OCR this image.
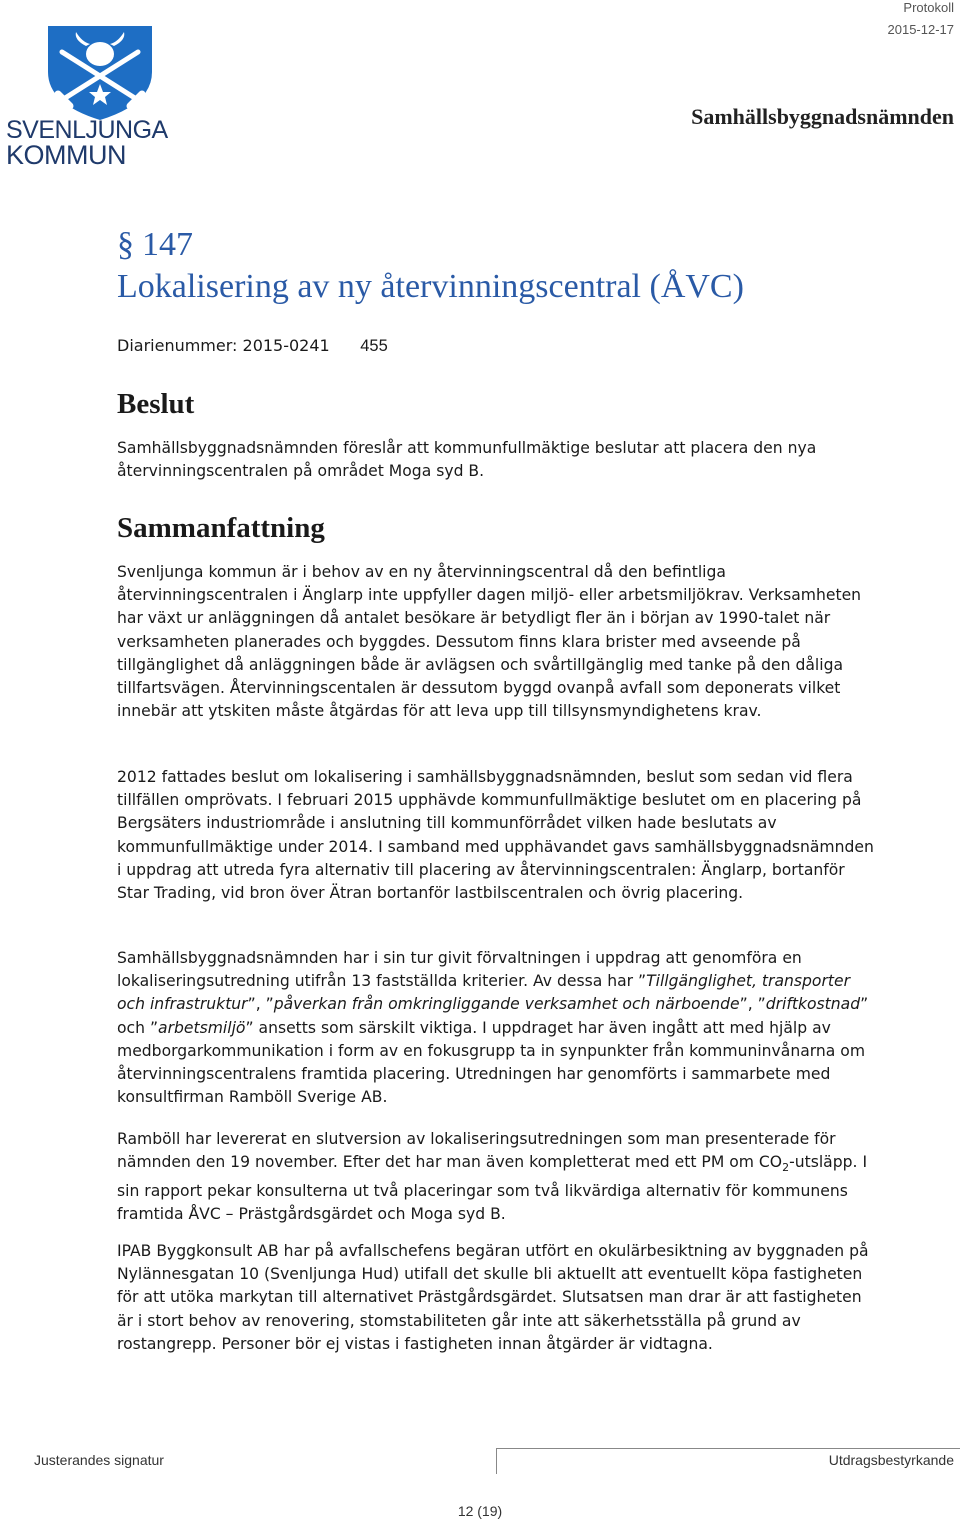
SVENLJUNGA
KOMMUN
Protokoll
2015-12-17
Samhällsbyggnadsnämnden
§ 147
Lokalisering av ny återvinningscentral (ÅVC)
Diarienummer: 2015-0241 455
Beslut

Samhällsbyggnadsnämnden föreslår att kommunfullmäktige beslutar att placera den nya återvinningscentralen på området Moga syd B.

Sammanfattning

Svenljunga kommun är i behov av en ny återvinningscentral då den befintliga återvinningscentralen i Änglarp inte uppfyller dagen miljö- eller arbetsmiljökrav. Verksamheten har växt ur anläggningen då antalet besökare är betydligt fler än i början av 1990-talet när verksamheten planerades och byggdes. Dessutom finns klara brister med avseende på tillgänglighet då anläggningen både är avlägsen och svårtillgänglig med tanke på den dåliga tillfartsvägen. Återvinningscentalen är dessutom byggd ovanpå avfall som deponerats vilket innebär att ytskiten måste åtgärdas för att leva upp till tillsynsmyndighetens krav.

2012 fattades beslut om lokalisering i samhällsbyggnadsnämnden, beslut som sedan vid flera tillfällen omprövats. I februari 2015 upphävde kommunfullmäktige beslutet om en placering på Bergsäters industriområde i anslutning till kommunförrådet vilken hade beslutats av kommunfullmäktige under 2014. I samband med upphävandet gavs samhällsbyggnadsnämnden i uppdrag att utreda fyra alternativ till placering av återvinningscentralen: Änglarp, bortanför Star Trading, vid bron över Ätran bortanför lastbilscentralen och övrig placering.

Samhällsbyggnadsnämnden har i sin tur givit förvaltningen i uppdrag att genomföra en lokaliseringsutredning utifrån 13 fastställda kriterier. Av dessa har ”Tillgänglighet, transporter och infrastruktur”, ”påverkan från omkringliggande verksamhet och närboende”, ”driftkostnad” och ”arbetsmiljö” ansetts som särskilt viktiga. I uppdraget har även ingått att med hjälp av medborgarkommunikation i form av en fokusgrupp ta in synpunkter från kommuninvånarna om återvinningscentralens framtida placering. Utredningen har genomförts i sammarbete med konsultfirman Ramböll Sverige AB.

Ramböll har levererat en slutversion av lokaliseringsutredningen som man presenterade för nämnden den 19 november. Efter det har man även kompletterat med ett PM om $CO_2$-utsläpp. I sin rapport pekar konsulterna ut två placeringar som två likvärdiga alternativ för kommunens framtida ÅVC – Prästgårdsgärdet och Moga syd B.

IPAB Byggkonsult AB har på avfallschefens begäran utfört en okulärbesiktning av byggnaden på Nylännesgatan 10 (Svenljunga Hud) utifall det skulle bli aktuellt att eventuellt köpa fastigheten för att utöka markytan till alternativet Prästgårdsgärdet. Slutsatsen man drar är att fastigheten är i stort behov av renovering, stomstabiliteten går inte att säkerhetsställa på grund av rostangrepp. Personer bör ej vistas i fastigheten innan åtgärder är vidtagna.

Justerandes signatur	Utdragsbestyrkande
12 (19)
